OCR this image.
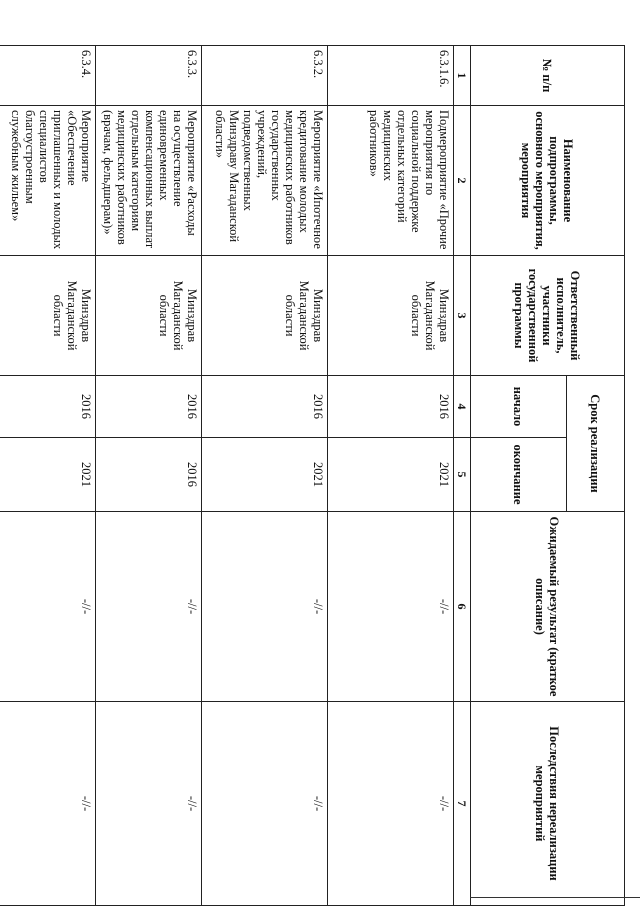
№ п/п	Наименование подпрограммы, основного мероприятия, мероприятия	Ответственный исполнитель, участники государственной программы	Срок реализации		Ожидаемый результат (краткое описание)	Последствия нереализации мероприятий
			начало	окончание		
1	2	3	4	5	6	7
6.3.1.6.	Подмероприятие «Прочие мероприятия по социальной поддержке отдельных категорий медицинских работников»	Минздрав Магаданской области	2016	2021	-//-	-//-
6.3.2.	Мероприятие «Ипотечное кредитование молодых медицинских работников государственных учреждений, подведомственных Минздраву Магаданской области»	Минздрав Магаданской области	2016	2021	-//-	-//-
6.3.3.	Мероприятие «Расходы на осуществление единовременных компенсационных выплат отдельным категориям медицинских работников (врачам, фельдшерам)»	Минздрав Магаданской области	2016	2016	-//-	-//-
6.3.4.	Мероприятие «Обеспечение приглашенных и молодых специалистов благоустроенным служебным жильем»	Минздрав Магаданской области	2016	2021	-//-	-//-
